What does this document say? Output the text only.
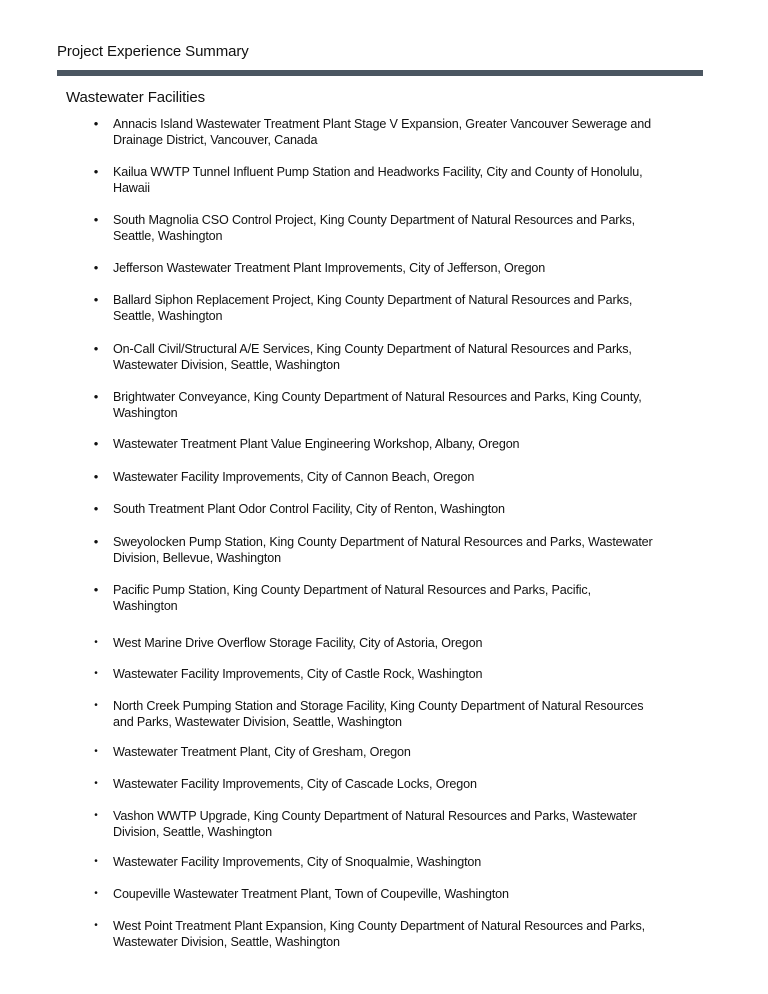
Project Experience Summary
Wastewater Facilities
•	Annacis Island Wastewater Treatment Plant Stage V Expansion, Greater Vancouver Sewerage and
Drainage District, Vancouver, Canada
•	Kailua WWTP Tunnel Influent Pump Station and Headworks Facility, City and County of Honolulu,
Hawaii
•	South Magnolia CSO Control Project, King County Department of Natural Resources and Parks,
Seattle, Washington
•	Jefferson Wastewater Treatment Plant Improvements, City of Jefferson, Oregon
•	Ballard Siphon Replacement Project, King County Department of Natural Resources and Parks,
Seattle, Washington
•	On-Call Civil/Structural A/E Services, King County Department of Natural Resources and Parks,
Wastewater Division, Seattle, Washington
•	Brightwater Conveyance, King County Department of Natural Resources and Parks, King County,
Washington
•	Wastewater Treatment Plant Value Engineering Workshop, Albany, Oregon
•	Wastewater Facility Improvements, City of Cannon Beach, Oregon
•	South Treatment Plant Odor Control Facility, City of Renton, Washington
•	Sweyolocken Pump Station, King County Department of Natural Resources and Parks, Wastewater
Division, Bellevue, Washington
•	Pacific Pump Station, King County Department of Natural Resources and Parks, Pacific,
Washington
•	West Marine Drive Overflow Storage Facility, City of Astoria, Oregon
•	Wastewater Facility Improvements, City of Castle Rock, Washington
•	North Creek Pumping Station and Storage Facility, King County Department of Natural Resources
and Parks, Wastewater Division, Seattle, Washington
•	Wastewater Treatment Plant, City of Gresham, Oregon
•	Wastewater Facility Improvements, City of Cascade Locks, Oregon
•	Vashon WWTP Upgrade, King County Department of Natural Resources and Parks, Wastewater
Division, Seattle, Washington
•	Wastewater Facility Improvements, City of Snoqualmie, Washington
•	Coupeville Wastewater Treatment Plant, Town of Coupeville, Washington
•	West Point Treatment Plant Expansion, King County Department of Natural Resources and Parks,
Wastewater Division, Seattle, Washington
